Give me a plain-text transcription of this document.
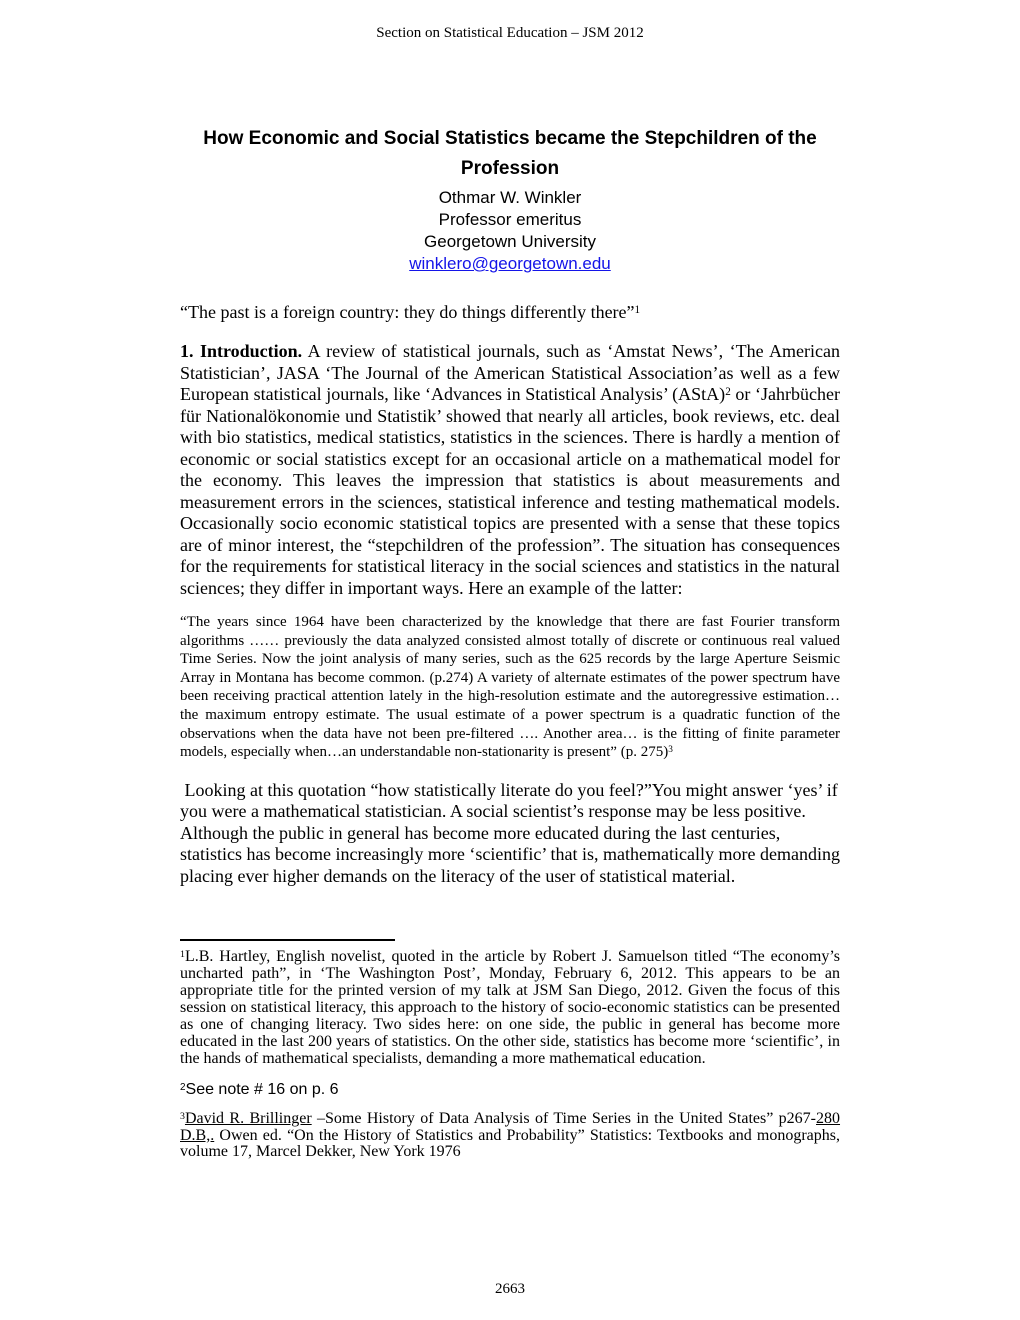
Section on Statistical Education – JSM 2012
How Economic and Social Statistics became the Stepchildren of the Profession
Othmar W. Winkler
Professor emeritus
Georgetown University
winklero@georgetown.edu

“The past is a foreign country: they do things differently there”$^1$

1. Introduction. A review of statistical journals, such as ‘Amstat News’, ‘The American Statistician’, JASA ‘The Journal of the American Statistical Association’as well as a few European statistical journals, like ‘Advances in Statistical Analysis’ (AStA)$^2$ or ‘Jahrbücher für Nationalökonomie und Statistik’ showed that nearly all articles, book reviews, etc. deal with bio statistics, medical statistics, statistics in the sciences. There is hardly a mention of economic or social statistics except for an occasional article on a mathematical model for the economy. This leaves the impression that statistics is about measurements and measurement errors in the sciences, statistical inference and testing mathematical models. Occasionally socio economic statistical topics are presented with a sense that these topics are of minor interest, the “stepchildren of the profession”. The situation has consequences for the requirements for statistical literacy in the social sciences and statistics in the natural sciences; they differ in important ways. Here an example of the latter:

“The years since 1964 have been characterized by the knowledge that there are fast Fourier transform algorithms …… previously the data analyzed consisted almost totally of discrete or continuous real valued Time Series. Now the joint analysis of many series, such as the 625 records by the large Aperture Seismic Array in Montana has become common. (p.274) A variety of alternate estimates of the power spectrum have been receiving practical attention lately in the high-resolution estimate and the autoregressive estimation… the maximum entropy estimate. The usual estimate of a power spectrum is a quadratic function of the observations when the data have not been pre-filtered …. Another area… is the fitting of finite parameter models, especially when…an understandable non-stationarity is present” (p. 275)$^3$

Looking at this quotation “how statistically literate do you feel?”You might answer ‘yes’ if you were a mathematical statistician. A social scientist’s response may be less positive. Although the public in general has become more educated during the last centuries, statistics has become increasingly more ‘scientific’ that is, mathematically more demanding placing ever higher demands on the literacy of the user of statistical material.

$^1$L.B. Hartley, English novelist, quoted in the article by Robert J. Samuelson titled “The economy’s uncharted path”, in ‘The Washington Post’, Monday, February 6, 2012. This appears to be an appropriate title for the printed version of my talk at JSM San Diego, 2012. Given the focus of this session on statistical literacy, this approach to the history of socio-economic statistics can be presented as one of changing literacy. Two sides here: on one side, the public in general has become more educated in the last 200 years of statistics. On the other side, statistics has become more ‘scientific’, in the hands of mathematical specialists, demanding a more mathematical education.

$^2$See note # 16 on p. 6

$^3$David R. Brillinger –Some History of Data Analysis of Time Series in the United States” p267-280 D.B,. Owen ed. “On the History of Statistics and Probability” Statistics: Textbooks and monographs, volume 17, Marcel Dekker, New York 1976

2663
